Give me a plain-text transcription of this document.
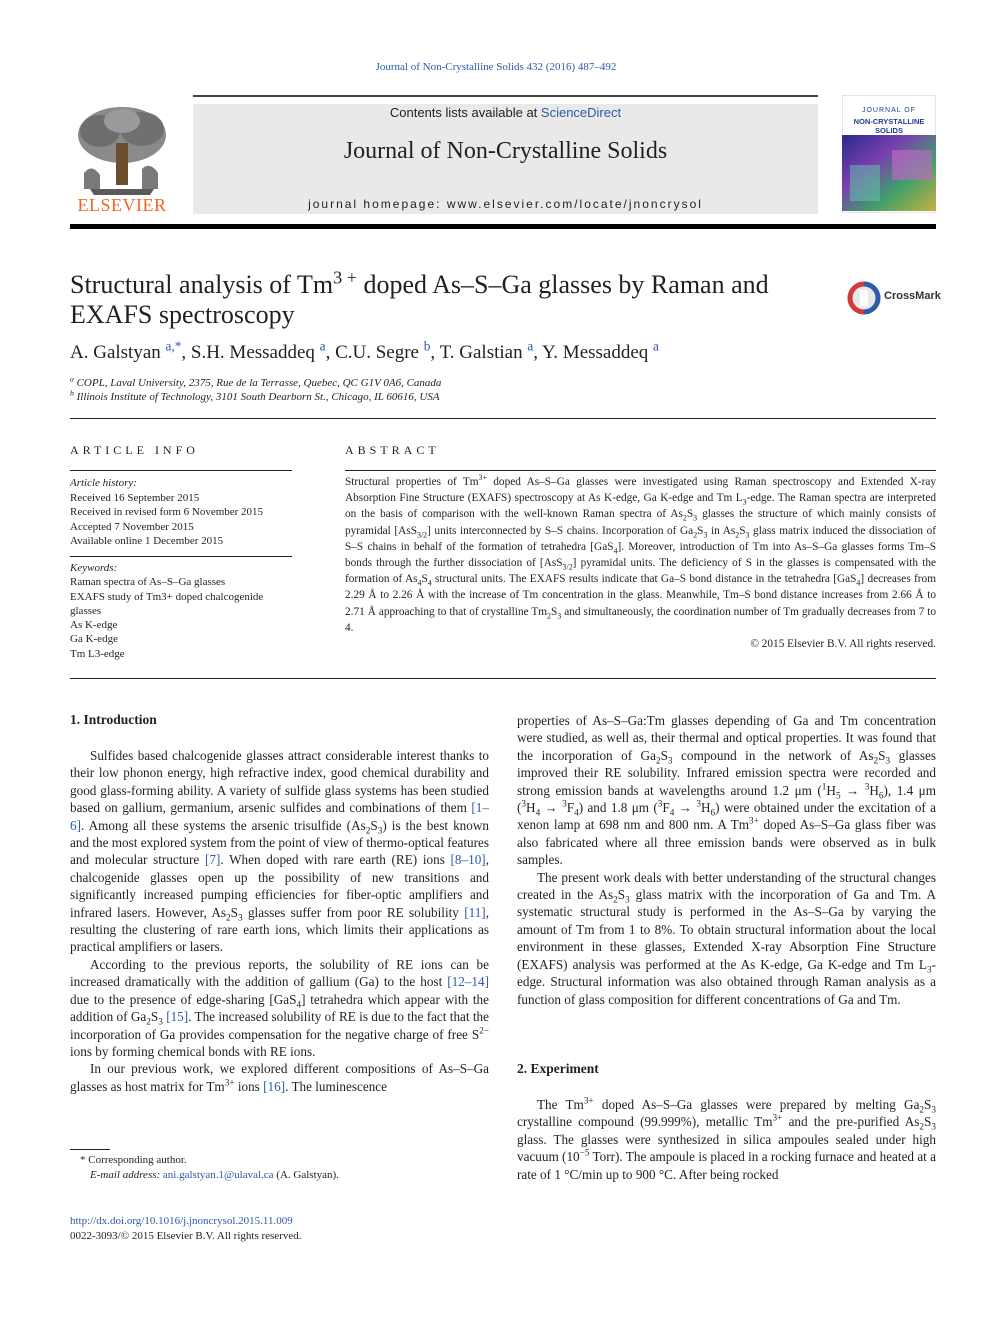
Journal of Non-Crystalline Solids 432 (2016) 487–492
ELSEVIER
Contents lists available at ScienceDirect
Journal of Non-Crystalline Solids
journal homepage: www.elsevier.com/locate/jnoncrysol
JOURNAL OF
NON-CRYSTALLINE SOLIDS
Structural analysis of $Tm^{3 +}$ doped As–S–Ga glasses by Raman and EXAFS spectroscopy
CrossMark
A. Galstyan $^{a,*}$, S.H. Messaddeq $^a$, C.U. Segre $^b$, T. Galstian $^a$, Y. Messaddeq $^a$
$^a$ COPL, Laval University, 2375, Rue de la Terrasse, Quebec, QC G1V 0A6, Canada
$^b$ Illinois Institute of Technology, 3101 South Dearborn St., Chicago, IL 60616, USA
ARTICLE INFO	ABSTRACT
Article history:
Received 16 September 2015
Received in revised form 6 November 2015
Accepted 7 November 2015
Available online 1 December 2015
Keywords:
Raman spectra of As–S–Ga glasses
EXAFS study of Tm3+ doped chalcogenide glasses
As K-edge
Ga K-edge
Tm L3-edge
Structural properties of $Tm^{3+}$ doped As–S–Ga glasses were investigated using Raman spectroscopy and Extended X-ray Absorption Fine Structure (EXAFS) spectroscopy at As K-edge, Ga K-edge and Tm $L_3$-edge. The Raman spectra are interpreted on the basis of comparison with the well-known Raman spectra of $As_2S_3$ glasses the structure of which mainly consists of pyramidal [AsS$_{3/2}$] units interconnected by S–S chains. Incorporation of $Ga_2S_3$ in $As_2S_3$ glass matrix induced the dissociation of S–S chains in behalf of the formation of tetrahedra [GaS$_4$]. Moreover, introduction of Tm into As–S–Ga glasses forms Tm–S bonds through the further dissociation of [AsS$_{3/2}$] pyramidal units. The deficiency of S in the glasses is compensated with the formation of $As_4S_4$ structural units. The EXAFS results indicate that Ga–S bond distance in the tetrahedra [GaS$_4$] decreases from 2.29 Å to 2.26 Å with the increase of Tm concentration in the glass. Meanwhile, Tm–S bond distance increases from 2.66 Å to 2.71 Å approaching to that of crystalline $Tm_2S_3$ and simultaneously, the coordination number of Tm gradually decreases from 7 to 4.
© 2015 Elsevier B.V. All rights reserved.
1. Introduction

Sulfides based chalcogenide glasses attract considerable interest thanks to their low phonon energy, high refractive index, good chemical durability and good glass-forming ability. A variety of sulfide glass systems has been studied based on gallium, germanium, arsenic sulfides and combinations of them [1–6]. Among all these systems the arsenic trisulfide $(As_2S_3)$ is the best known and the most explored system from the point of view of thermo-optical features and molecular structure [7]. When doped with rare earth (RE) ions [8–10], chalcogenide glasses open up the possibility of new transitions and significantly increased pumping efficiencies for fiber-optic amplifiers and infrared lasers. However, $As_2S_3$ glasses suffer from poor RE solubility [11], resulting the clustering of rare earth ions, which limits their applications as practical amplifiers or lasers.

According to the previous reports, the solubility of RE ions can be increased dramatically with the addition of gallium (Ga) to the host [12–14] due to the presence of edge-sharing [GaS$_4$] tetrahedra which appear with the addition of $Ga_2S_3$ [15]. The increased solubility of RE is due to the fact that the incorporation of Ga provides compensation for the negative charge of free $S^{2-}$ ions by forming chemical bonds with RE ions.

In our previous work, we explored different compositions of As–S–Ga glasses as host matrix for $Tm^{3+}$ ions [16]. The luminescence

properties of As–S–Ga:Tm glasses depending of Ga and Tm concentration were studied, as well as, their thermal and optical properties. It was found that the incorporation of $Ga_2S_3$ compound in the network of $As_2S_3$ glasses improved their RE solubility. Infrared emission spectra were recorded and strong emission bands at wavelengths around 1.2 μm $(^1H_5 \to ^3H_6)$, 1.4 μm $(^3H_4 \to ^3F_4)$ and 1.8 μm $(^3F_4 \to ^3H_6)$ were obtained under the excitation of a xenon lamp at 698 nm and 800 nm. A $Tm^{3+}$ doped As–S–Ga glass fiber was also fabricated where all three emission bands were observed as in bulk samples.

The present work deals with better understanding of the structural changes created in the $As_2S_3$ glass matrix with the incorporation of Ga and Tm. A systematic structural study is performed in the As–S–Ga by varying the amount of Tm from 1 to 8%. To obtain structural information about the local environment in these glasses, Extended X-ray Absorption Fine Structure (EXAFS) analysis was performed at the As K-edge, Ga K-edge and Tm $L_3$-edge. Structural information was also obtained through Raman analysis as a function of glass composition for different concentrations of Ga and Tm.

2. Experiment

The $Tm^{3+}$ doped As–S–Ga glasses were prepared by melting $Ga_2S_3$ crystalline compound (99.999%), metallic $Tm^{3+}$ and the pre-purified $As_2S_3$ glass. The glasses were synthesized in silica ampoules sealed under high vacuum ($10^{-5}$ Torr). The ampoule is placed in a rocking furnace and heated at a rate of 1 °C/min up to 900 °C. After being rocked

* Corresponding author.
E-mail address: ani.galstyan.1@ulaval.ca (A. Galstyan).
http://dx.doi.org/10.1016/j.jnoncrysol.2015.11.009
0022-3093/© 2015 Elsevier B.V. All rights reserved.
